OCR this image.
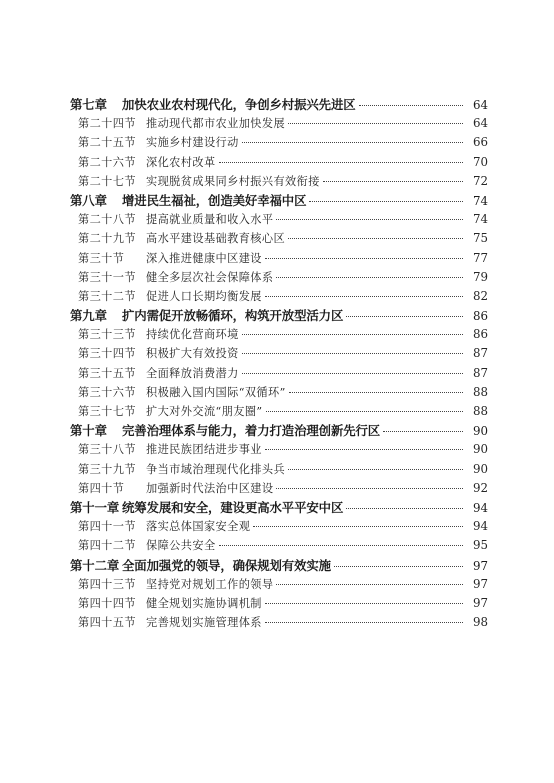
第七章	加快农业农村现代化，争创乡村振兴先进区	64
第二十四节 推动现代都市农业加快发展	64
第二十五节 实施乡村建设行动	66
第二十六节 深化农村改革	70
第二十七节 实现脱贫成果同乡村振兴有效衔接	72
第八章	增进民生福祉，创造美好幸福中区	74
第二十八节 提高就业质量和收入水平	74
第二十九节 高水平建设基础教育核心区	75
第三十节	深入推进健康中区建设	77
第三十一节 健全多层次社会保障体系	79
第三十二节 促进人口长期均衡发展	82
第九章	扩内需促开放畅循环，构筑开放型活力区	86
第三十三节 持续优化营商环境	86
第三十四节 积极扩大有效投资	87
第三十五节 全面释放消费潜力	87
第三十六节 积极融入国内国际“双循环”	88
第三十七节 扩大对外交流“朋友圈”	88
第十章	完善治理体系与能力，着力打造治理创新先行区	90
第三十八节 推进民族团结进步事业	90
第三十九节 争当市域治理现代化排头兵	90
第四十节	加强新时代法治中区建设	92
第十一章 统筹发展和安全，建设更高水平平安中区	94
第四十一节 落实总体国家安全观	94
第四十二节 保障公共安全	95
第十二章 全面加强党的领导，确保规划有效实施	97
第四十三节 坚持党对规划工作的领导	97
第四十四节 健全规划实施协调机制	97
第四十五节 完善规划实施管理体系	98
